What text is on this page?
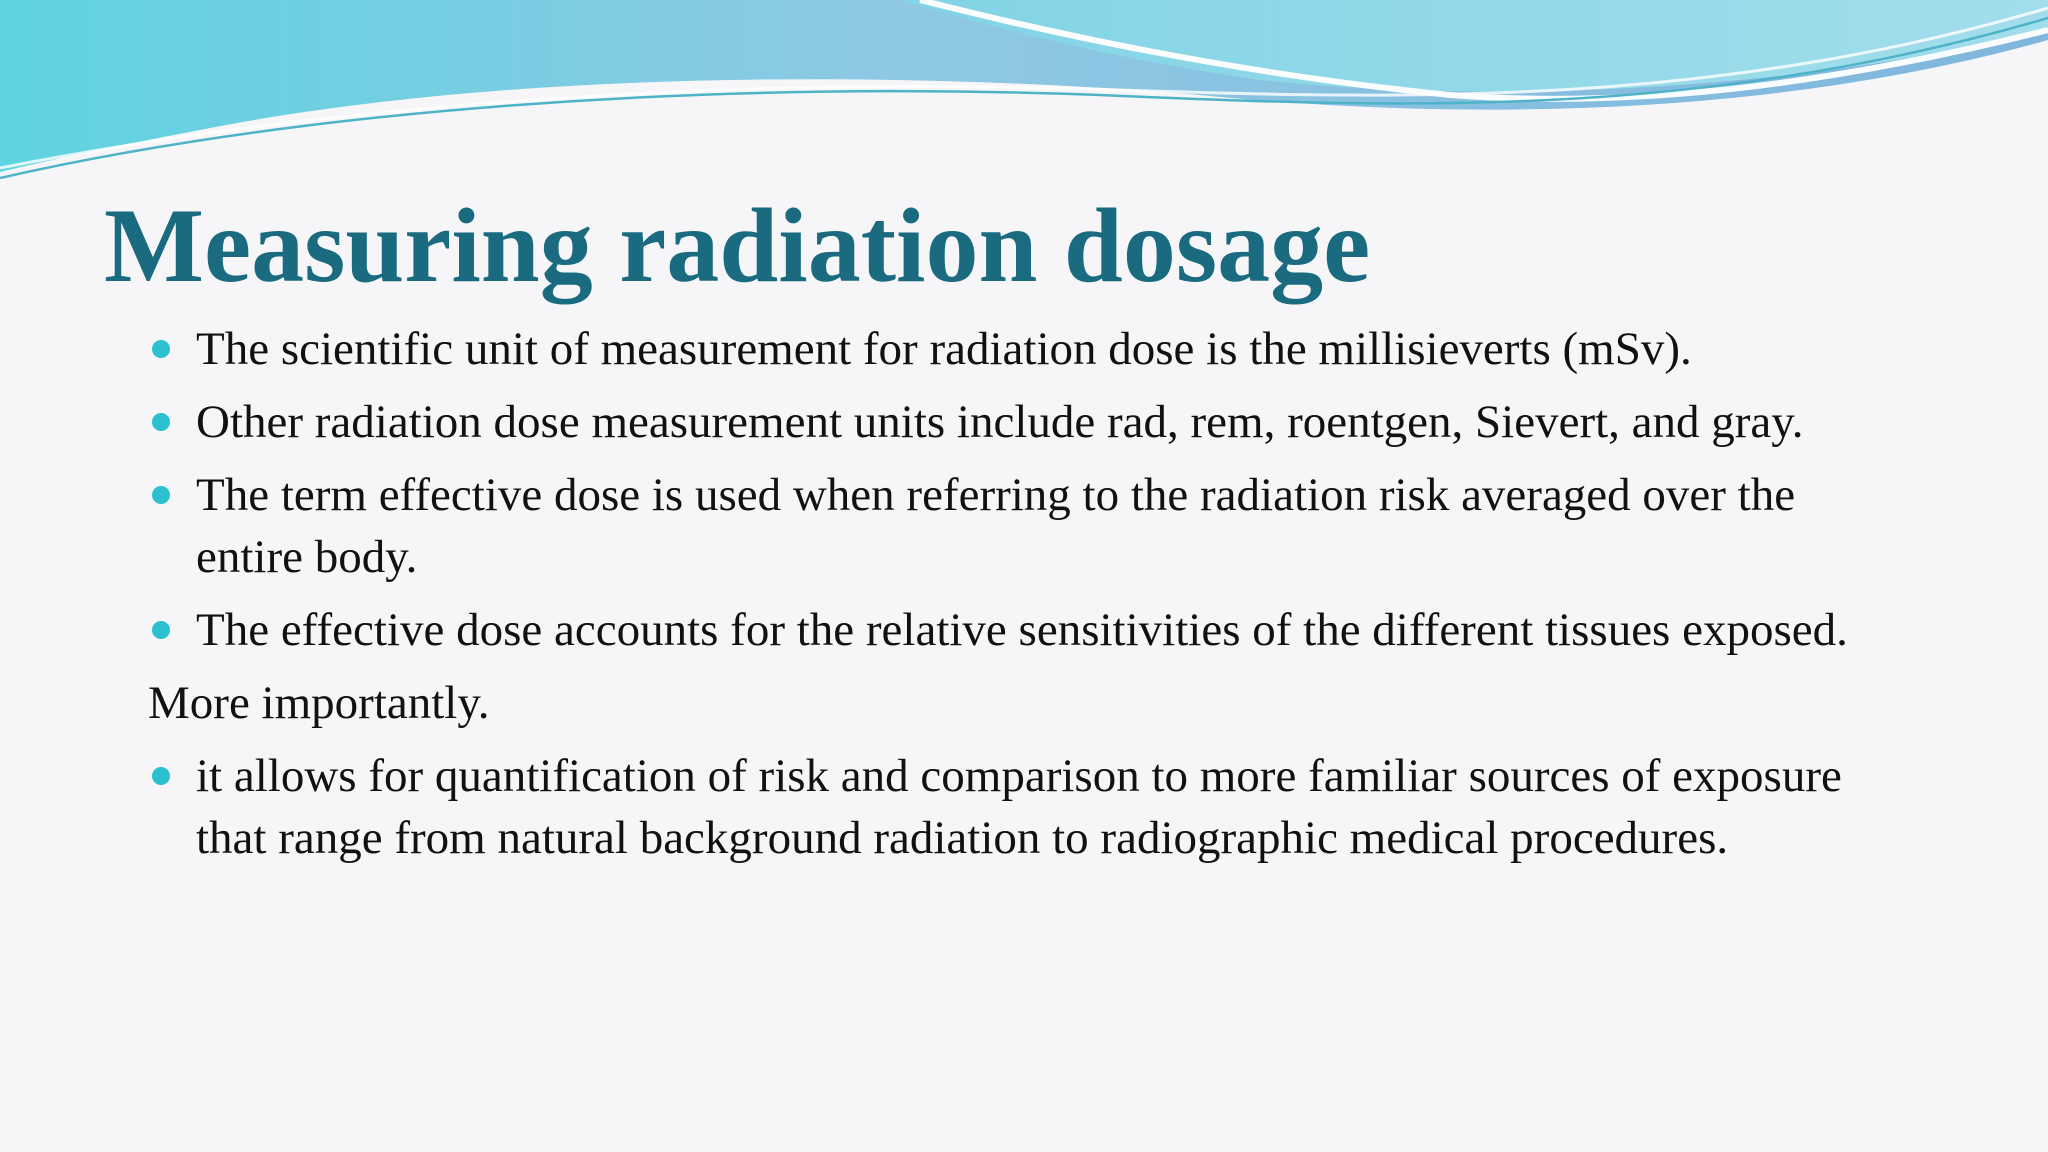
Measuring radiation dosage
The scientific unit of measurement for radiation dose is the millisieverts (mSv).
Other radiation dose measurement units include rad, rem, roentgen, Sievert, and gray.
The term effective dose is used when referring to the radiation risk averaged over the entire body.
The effective dose accounts for the relative sensitivities of the different tissues exposed.
More importantly.
it allows for quantification of risk and comparison to more familiar sources of exposure that range from natural background radiation to radiographic medical procedures.
